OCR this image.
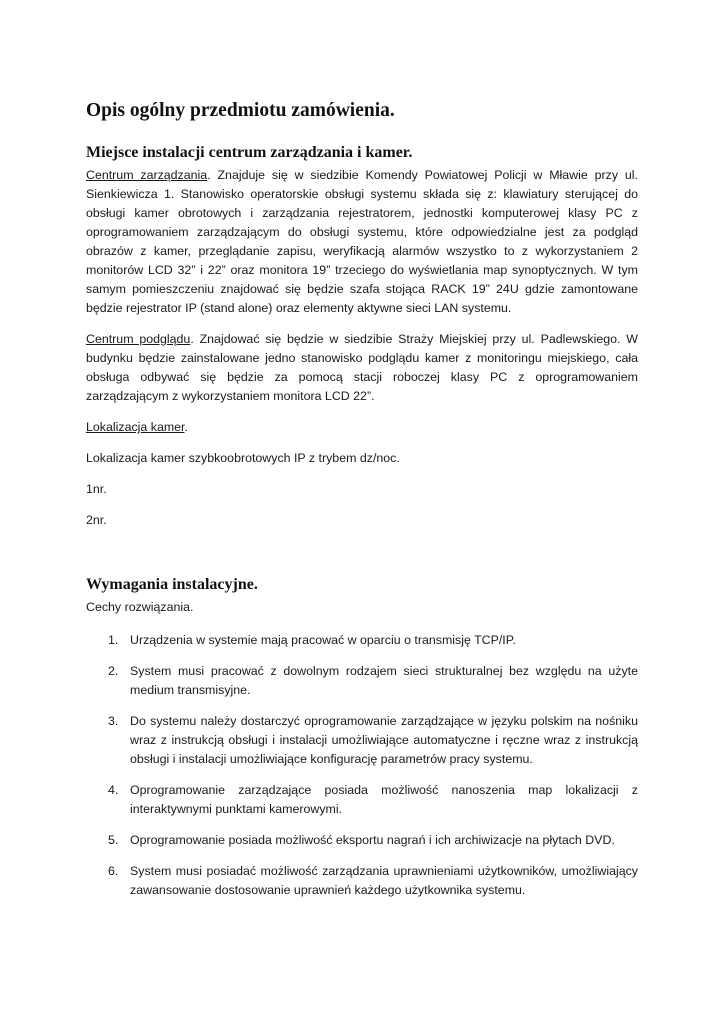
Opis ogólny przedmiotu zamówienia.
Miejsce instalacji centrum zarządzania i kamer.

Centrum zarządzania. Znajduje się w siedzibie Komendy Powiatowej Policji w Mławie przy ul. Sienkiewicza 1. Stanowisko operatorskie obsługi systemu składa się z: klawiatury sterującej do obsługi kamer obrotowych i zarządzania rejestratorem, jednostki komputerowej klasy PC z oprogramowaniem zarządzającym do obsługi systemu, które odpowiedzialne jest za podgląd obrazów z kamer, przeglądanie zapisu, weryfikacją alarmów wszystko to z wykorzystaniem 2 monitorów LCD 32” i 22” oraz monitora 19” trzeciego do wyświetlania map synoptycznych. W tym samym pomieszczeniu znajdować się będzie szafa stojąca RACK 19” 24U gdzie zamontowane będzie rejestrator IP (stand alone) oraz elementy aktywne sieci LAN systemu.

Centrum podglądu. Znajdować się będzie w siedzibie Straży Miejskiej przy ul. Padlewskiego. W budynku będzie zainstalowane jedno stanowisko podglądu kamer z monitoringu miejskiego, cała obsługa odbywać się będzie za pomocą stacji roboczej klasy PC z oprogramowaniem zarządzającym z wykorzystaniem monitora LCD 22”.

Lokalizacja kamer.

Lokalizacja kamer szybkoobrotowych IP z trybem dz/noc.

1nr.

2nr.

Wymagania instalacyjne.

Cechy rozwiązania.

1. Urządzenia w systemie mają pracować w oparciu o transmisję TCP/IP.
2. System musi pracować z dowolnym rodzajem sieci strukturalnej bez względu na użyte medium transmisyjne.
3. Do systemu należy dostarczyć oprogramowanie zarządzające w języku polskim na nośniku wraz z instrukcją obsługi i instalacji umożliwiające automatyczne i ręczne wraz z instrukcją obsługi i instalacji umożliwiające konfigurację parametrów pracy systemu.
4. Oprogramowanie zarządzające posiada możliwość nanoszenia map lokalizacji z interaktywnymi punktami kamerowymi.
5. Oprogramowanie posiada możliwość eksportu nagrań i ich archiwizacje na płytach DVD.
6. System musi posiadać możliwość zarządzania uprawnieniami użytkowników, umożliwiający zawansowanie dostosowanie uprawnień każdego użytkownika systemu.
